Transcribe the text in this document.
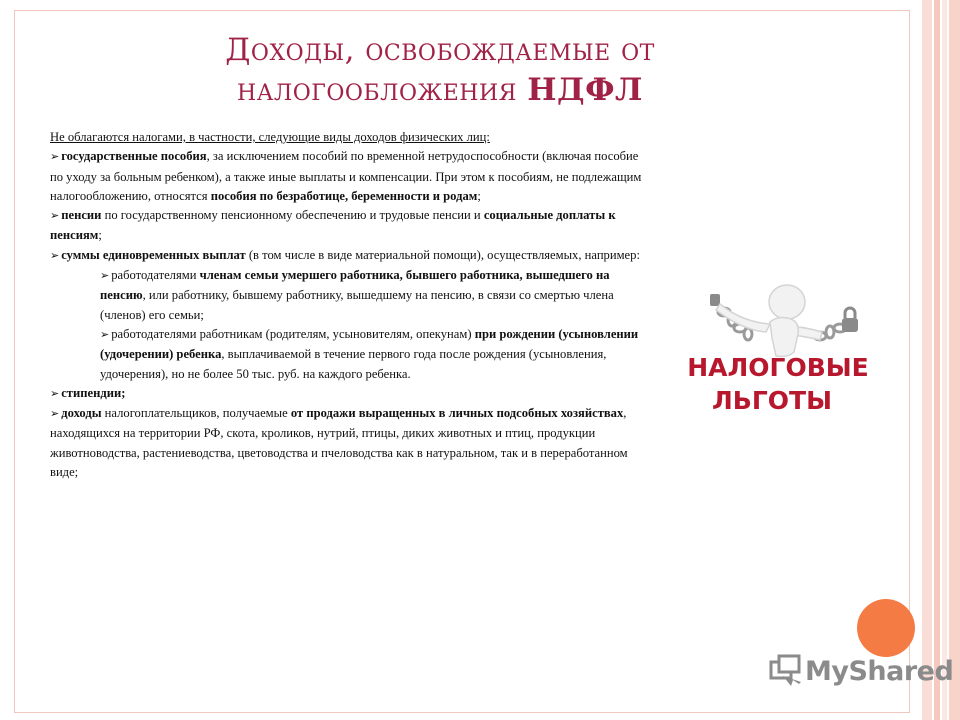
Доходы, освобождаемые от
налогообложения НДФЛ

Не облагаются налогами, в частности, следующие виды доходов физических лиц:

➢ государственные пособия, за исключением пособий по временной нетрудоспособности (включая пособие по уходу за больным ребенком), а также иные выплаты и компенсации. При этом к пособиям, не подлежащим налогообложению, относятся пособия по безработице, беременности и родам;

➢ пенсии по государственному пенсионному обеспечению и трудовые пенсии и социальные доплаты к пенсиям;

➢ суммы единовременных выплат (в том числе в виде материальной помощи), осуществляемых, например:

➢ работодателями членам семьи умершего работника, бывшего работника, вышедшего на пенсию, или работнику, бывшему работнику, вышедшему на пенсию, в связи со смертью члена (членов) его семьи;

➢ работодателями работникам (родителям, усыновителям, опекунам) при рождении (усыновлении (удочерении) ребенка, выплачиваемой в течение первого года после рождения (усыновления, удочерения), но не более 50 тыс. руб. на каждого ребенка.

➢ стипендии;

➢ доходы налогоплательщиков, получаемые от продажи выращенных в личных подсобных хозяйствах, находящихся на территории РФ, скота, кроликов, нутрий, птицы, диких животных и птиц, продукции животноводства, растениеводства, цветоводства и пчеловодства как в натуральном, так и в переработанном виде;

НАЛОГОВЫЕ
ЛЬГОТЫ
MyShared
